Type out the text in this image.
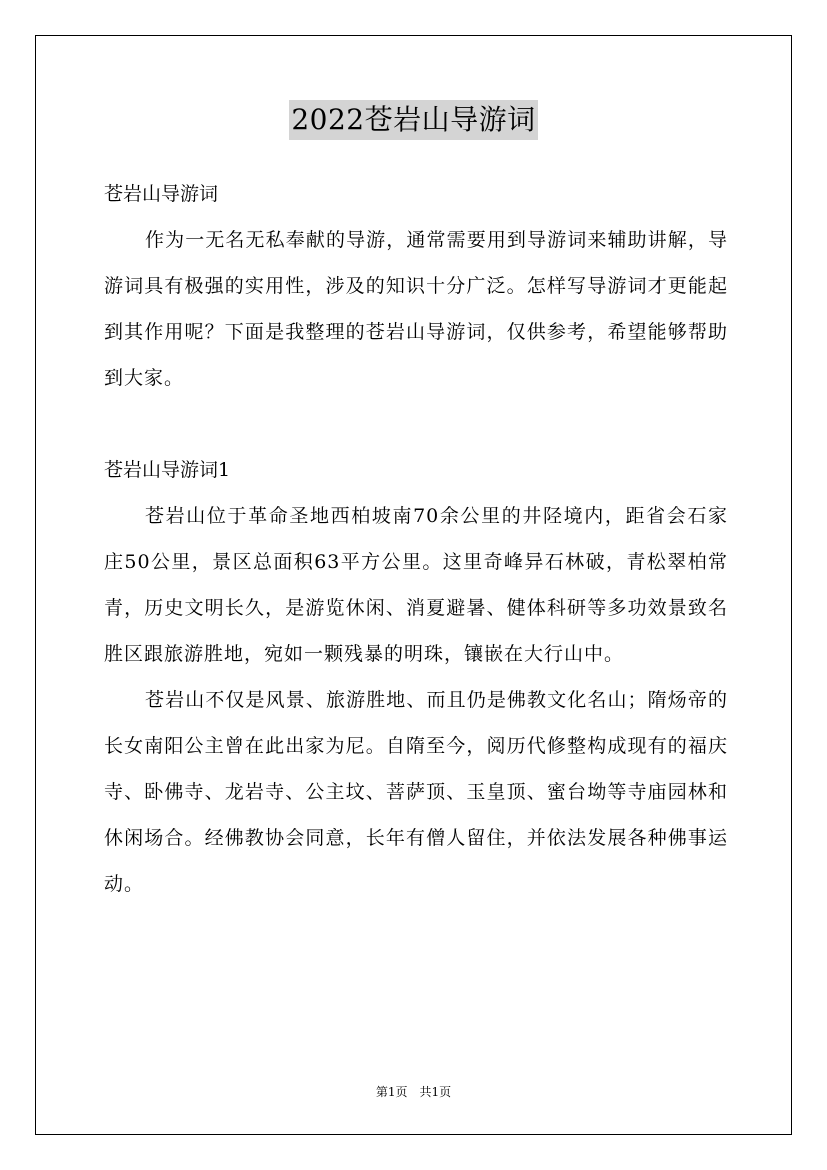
2022苍岩山导游词

苍岩山导游词

作为一无名无私奉献的导游，通常需要用到导游词来辅助讲解，导游词具有极强的实用性，涉及的知识十分广泛。怎样写导游词才更能起到其作用呢？下面是我整理的苍岩山导游词，仅供参考，希望能够帮助到大家。

苍岩山导游词1

苍岩山位于革命圣地西柏坡南70余公里的井陉境内，距省会石家庄50公里，景区总面积63平方公里。这里奇峰异石林破，青松翠柏常青，历史文明长久，是游览休闲、消夏避暑、健体科研等多功效景致名胜区跟旅游胜地，宛如一颗残暴的明珠，镶嵌在大行山中。

苍岩山不仅是风景、旅游胜地、而且仍是佛教文化名山；隋炀帝的长女南阳公主曾在此出家为尼。自隋至今，阅历代修整构成现有的福庆寺、卧佛寺、龙岩寺、公主坟、菩萨顶、玉皇顶、蜜台坳等寺庙园林和休闲场合。经佛教协会同意，长年有僧人留住，并依法发展各种佛事运动。

第1页　共1页
